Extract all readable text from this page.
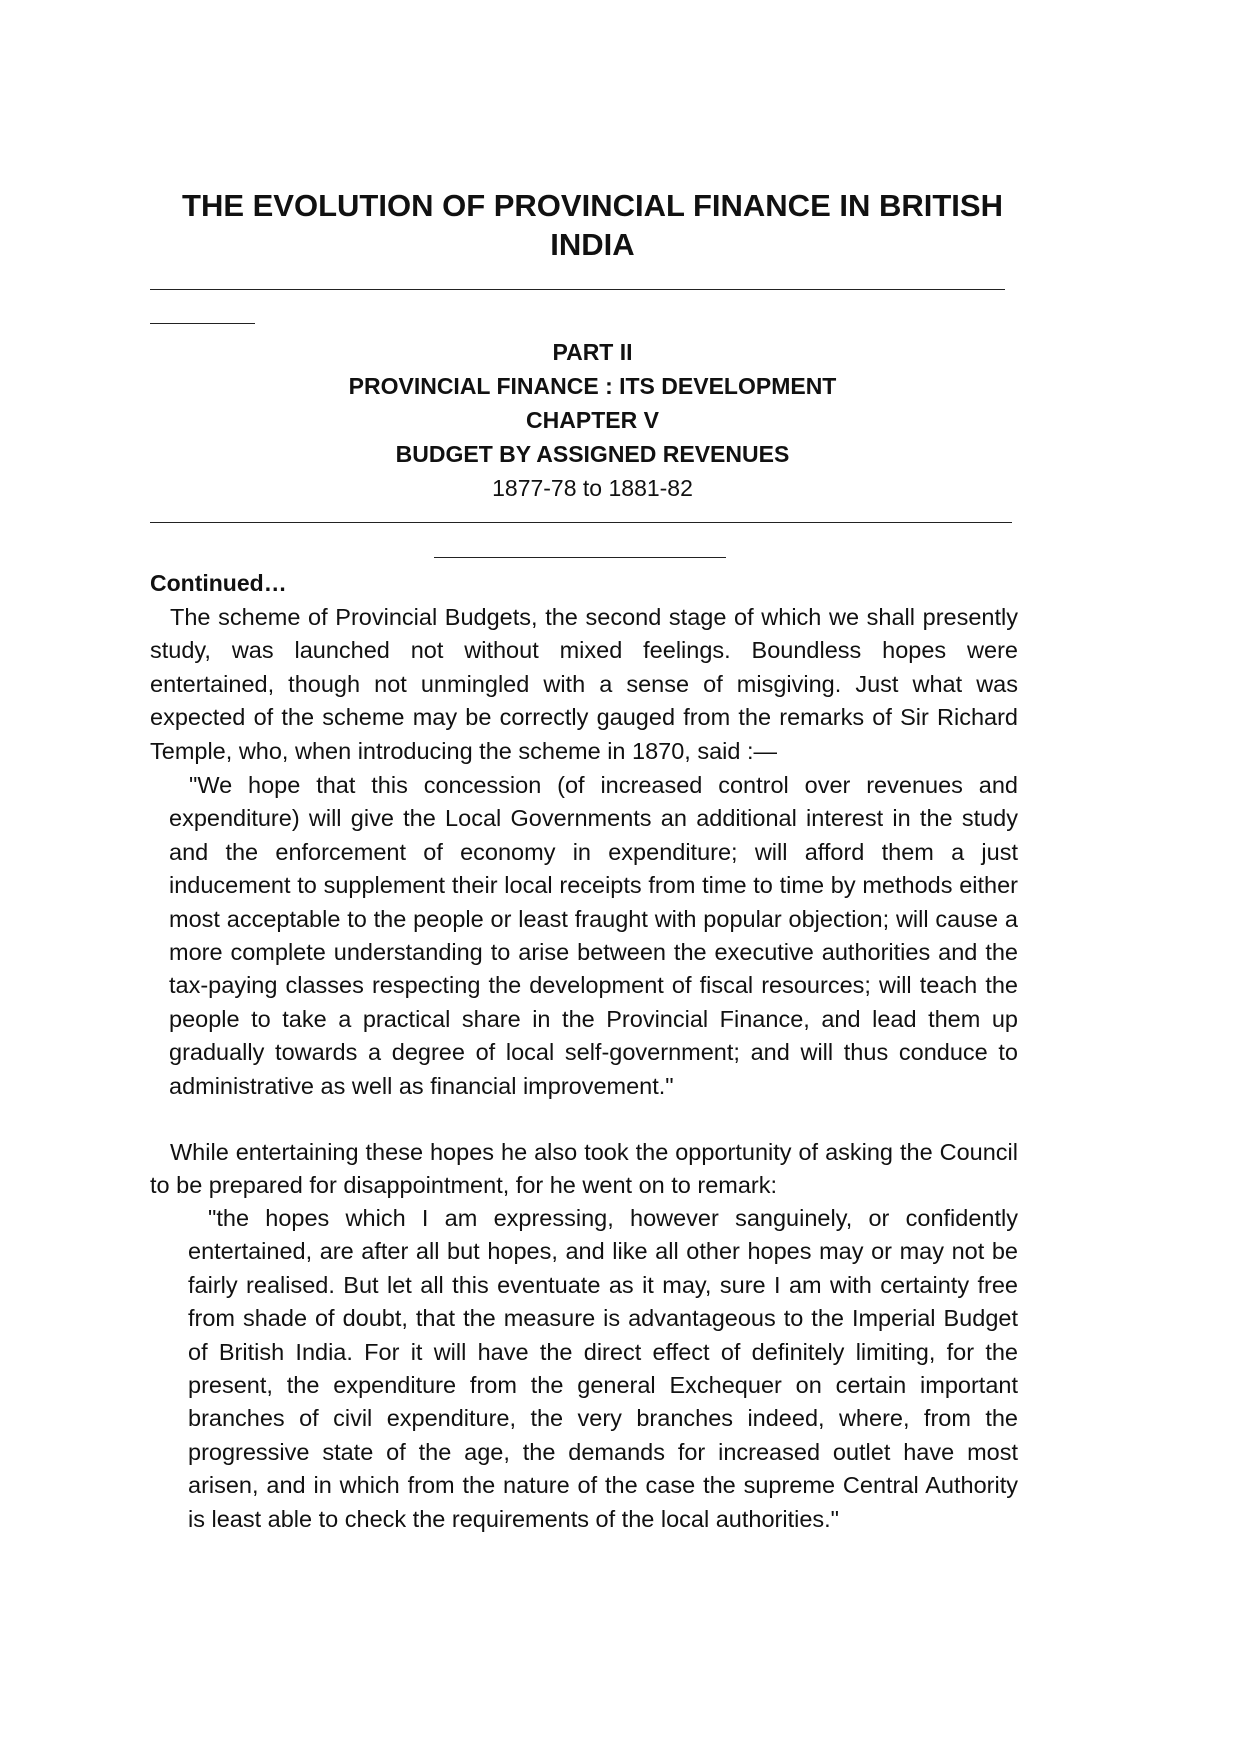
THE EVOLUTION OF PROVINCIAL FINANCE IN BRITISH INDIA
PART II
PROVINCIAL FINANCE : ITS DEVELOPMENT
CHAPTER V
BUDGET BY ASSIGNED REVENUES
1877-78 to 1881-82
Continued…

The scheme of Provincial Budgets, the second stage of which we shall presently study, was launched not without mixed feelings. Boundless hopes were entertained, though not unmingled with a sense of misgiving. Just what was expected of the scheme may be correctly gauged from the remarks of Sir Richard Temple, who, when introducing the scheme in 1870, said :—

"We hope that this concession (of increased control over revenues and expenditure) will give the Local Governments an additional interest in the study and the enforcement of economy in expenditure; will afford them a just inducement to supplement their local receipts from time to time by methods either most acceptable to the people or least fraught with popular objection; will cause a more complete understanding to arise between the executive authorities and the tax-paying classes respecting the development of fiscal resources; will teach the people to take a practical share in the Provincial Finance, and lead them up gradually towards a degree of local self-government; and will thus conduce to administrative as well as financial improvement."

While entertaining these hopes he also took the opportunity of asking the Council to be prepared for disappointment, for he went on to remark:

"the hopes which I am expressing, however sanguinely, or confidently entertained, are after all but hopes, and like all other hopes may or may not be fairly realised. But let all this eventuate as it may, sure I am with certainty free from shade of doubt, that the measure is advantageous to the Imperial Budget of British India. For it will have the direct effect of definitely limiting, for the present, the expenditure from the general Exchequer on certain important branches of civil expenditure, the very branches indeed, where, from the progressive state of the age, the demands for increased outlet have most arisen, and in which from the nature of the case the supreme Central Authority is least able to check the requirements of the local authorities."
